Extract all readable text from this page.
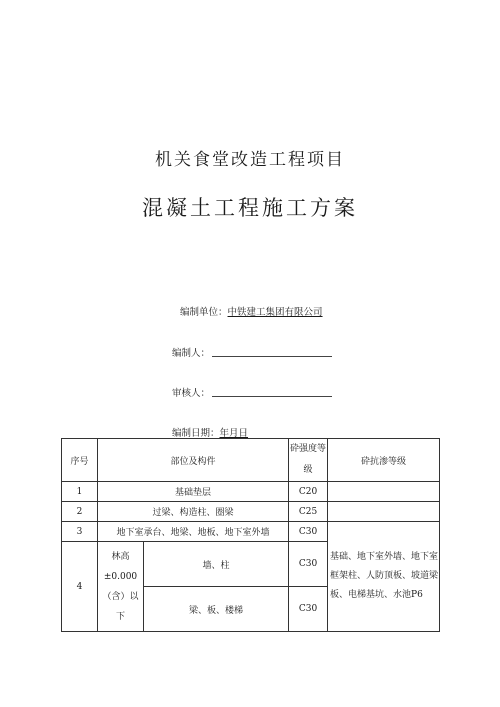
机关食堂改造工程项目
混凝土工程施工方案
编制单位：中铁建工集团有限公司
编制人：
审核人：
编制日期：年月日
序号	部位及构件		砕强度等级	砕抗渗等级
1	基础垫层		C20	
2	过梁、构造柱、圈梁		C25	
3	地下室承台、地梁、地板、地下室外墙		C30	基础、地下室外墙、地下室框架柱、人防顶板、坡道梁板、电梯基坑、水池P6
4	林高±0.000
（含）以
下	墙、柱	C30	
		梁、板、楼梯	C30	
